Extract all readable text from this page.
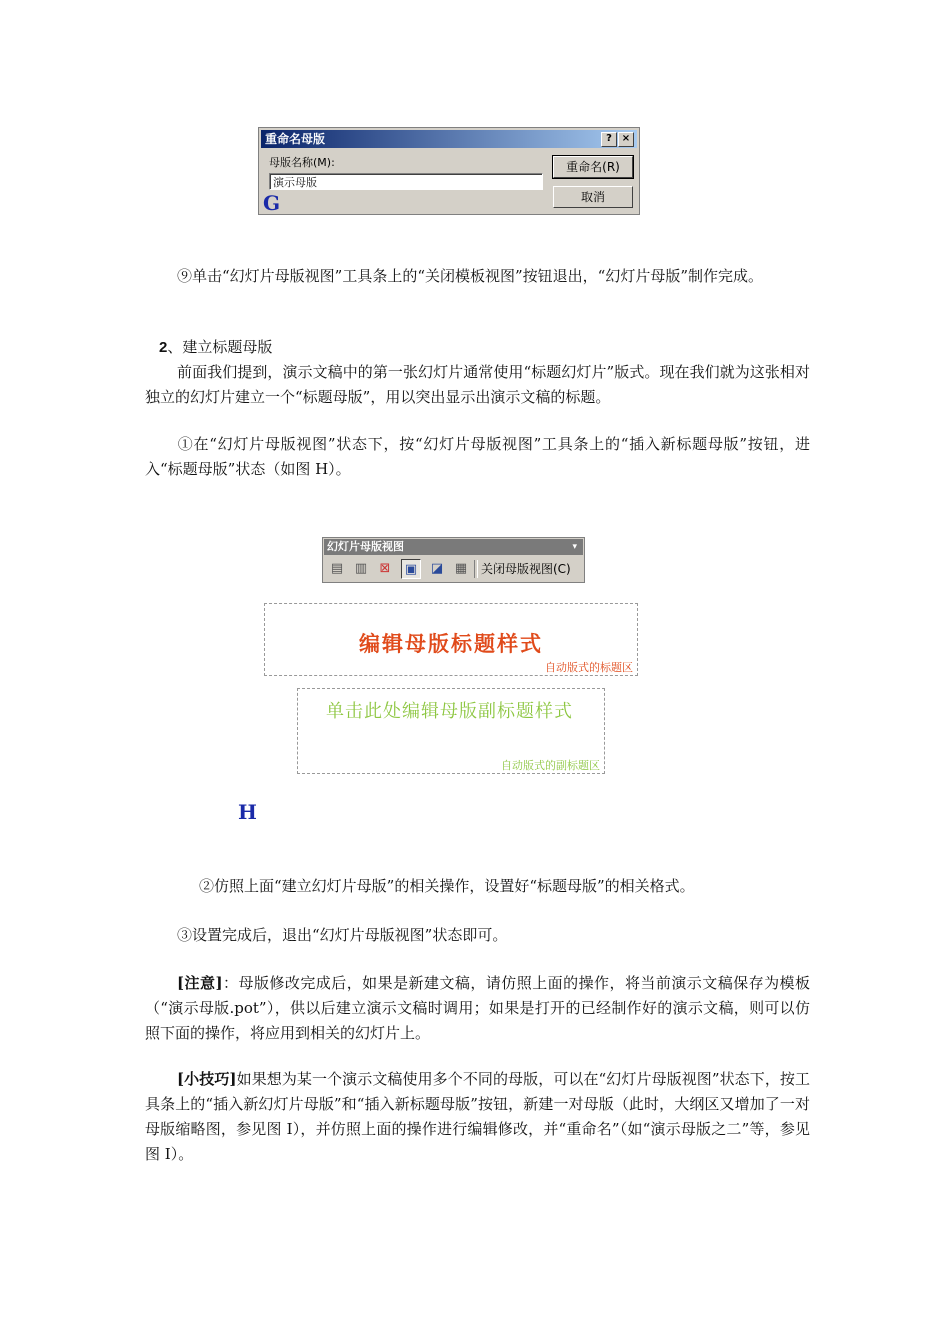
重命名母版	? ×
母版名称(M):
演示母版
重命名(R)
取消
G
⑨单击“幻灯片母版视图”工具条上的“关闭模板视图”按钮退出，“幻灯片母版”制作完成。
2、建立标题母版
前面我们提到，演示文稿中的第一张幻灯片通常使用“标题幻灯片”版式。现在我们就为这张相对独立的幻灯片建立一个“标题母版”，用以突出显示出演示文稿的标题。
①在“幻灯片母版视图”状态下，按“幻灯片母版视图”工具条上的“插入新标题母版”按钮，进入“标题母版”状态（如图 H）。
幻灯片母版视图	▾
▤ ▥ ⊠	▣ ◪ ▦	关闭母版视图(C)
编辑母版标题样式
自动版式的标题区
单击此处编辑母版副标题样式
自动版式的副标题区
H
②仿照上面“建立幻灯片母版”的相关操作，设置好“标题母版”的相关格式。
③设置完成后，退出“幻灯片母版视图”状态即可。
[注意]：母版修改完成后，如果是新建文稿，请仿照上面的操作，将当前演示文稿保存为模板（“演示母版.pot”），供以后建立演示文稿时调用；如果是打开的已经制作好的演示文稿，则可以仿照下面的操作，将应用到相关的幻灯片上。
[小技巧]如果想为某一个演示文稿使用多个不同的母版，可以在“幻灯片母版视图”状态下，按工具条上的“插入新幻灯片母版”和“插入新标题母版”按钮，新建一对母版（此时，大纲区又增加了一对母版缩略图，参见图 I），并仿照上面的操作进行编辑修改，并“重命名”（如“演示母版之二”等，参见图 I）。
